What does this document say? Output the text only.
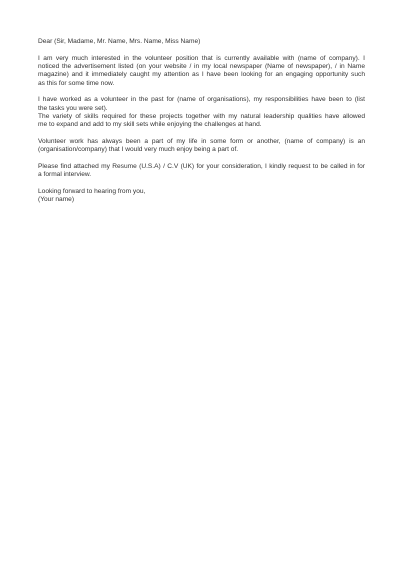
Dear (Sir, Madame, Mr. Name, Mrs. Name, Miss Name)

I am very much interested in the volunteer position that is currently available with (name of company). I
noticed the advertisement listed (on your website / in my local newspaper (Name of newspaper), / in Name
magazine) and it immediately caught my attention as I have been looking for an engaging opportunity such
as this for some time now.

I have worked as a volunteer in the past for (name of organisations), my responsibilities have been to (list
the tasks you were set).
The variety of skills required for these projects together with my natural leadership qualities have allowed
me to expand and add to my skill sets while enjoying the challenges at hand.

Volunteer work has always been a part of my life in some form or another, (name of company) is an
(organisation/company) that I would very much enjoy being a part of.

Please find attached my Resume (U.S.A) / C.V (UK) for your consideration, I kindly request to be called in for
a formal interview.

Looking forward to hearing from you,
(Your name)
